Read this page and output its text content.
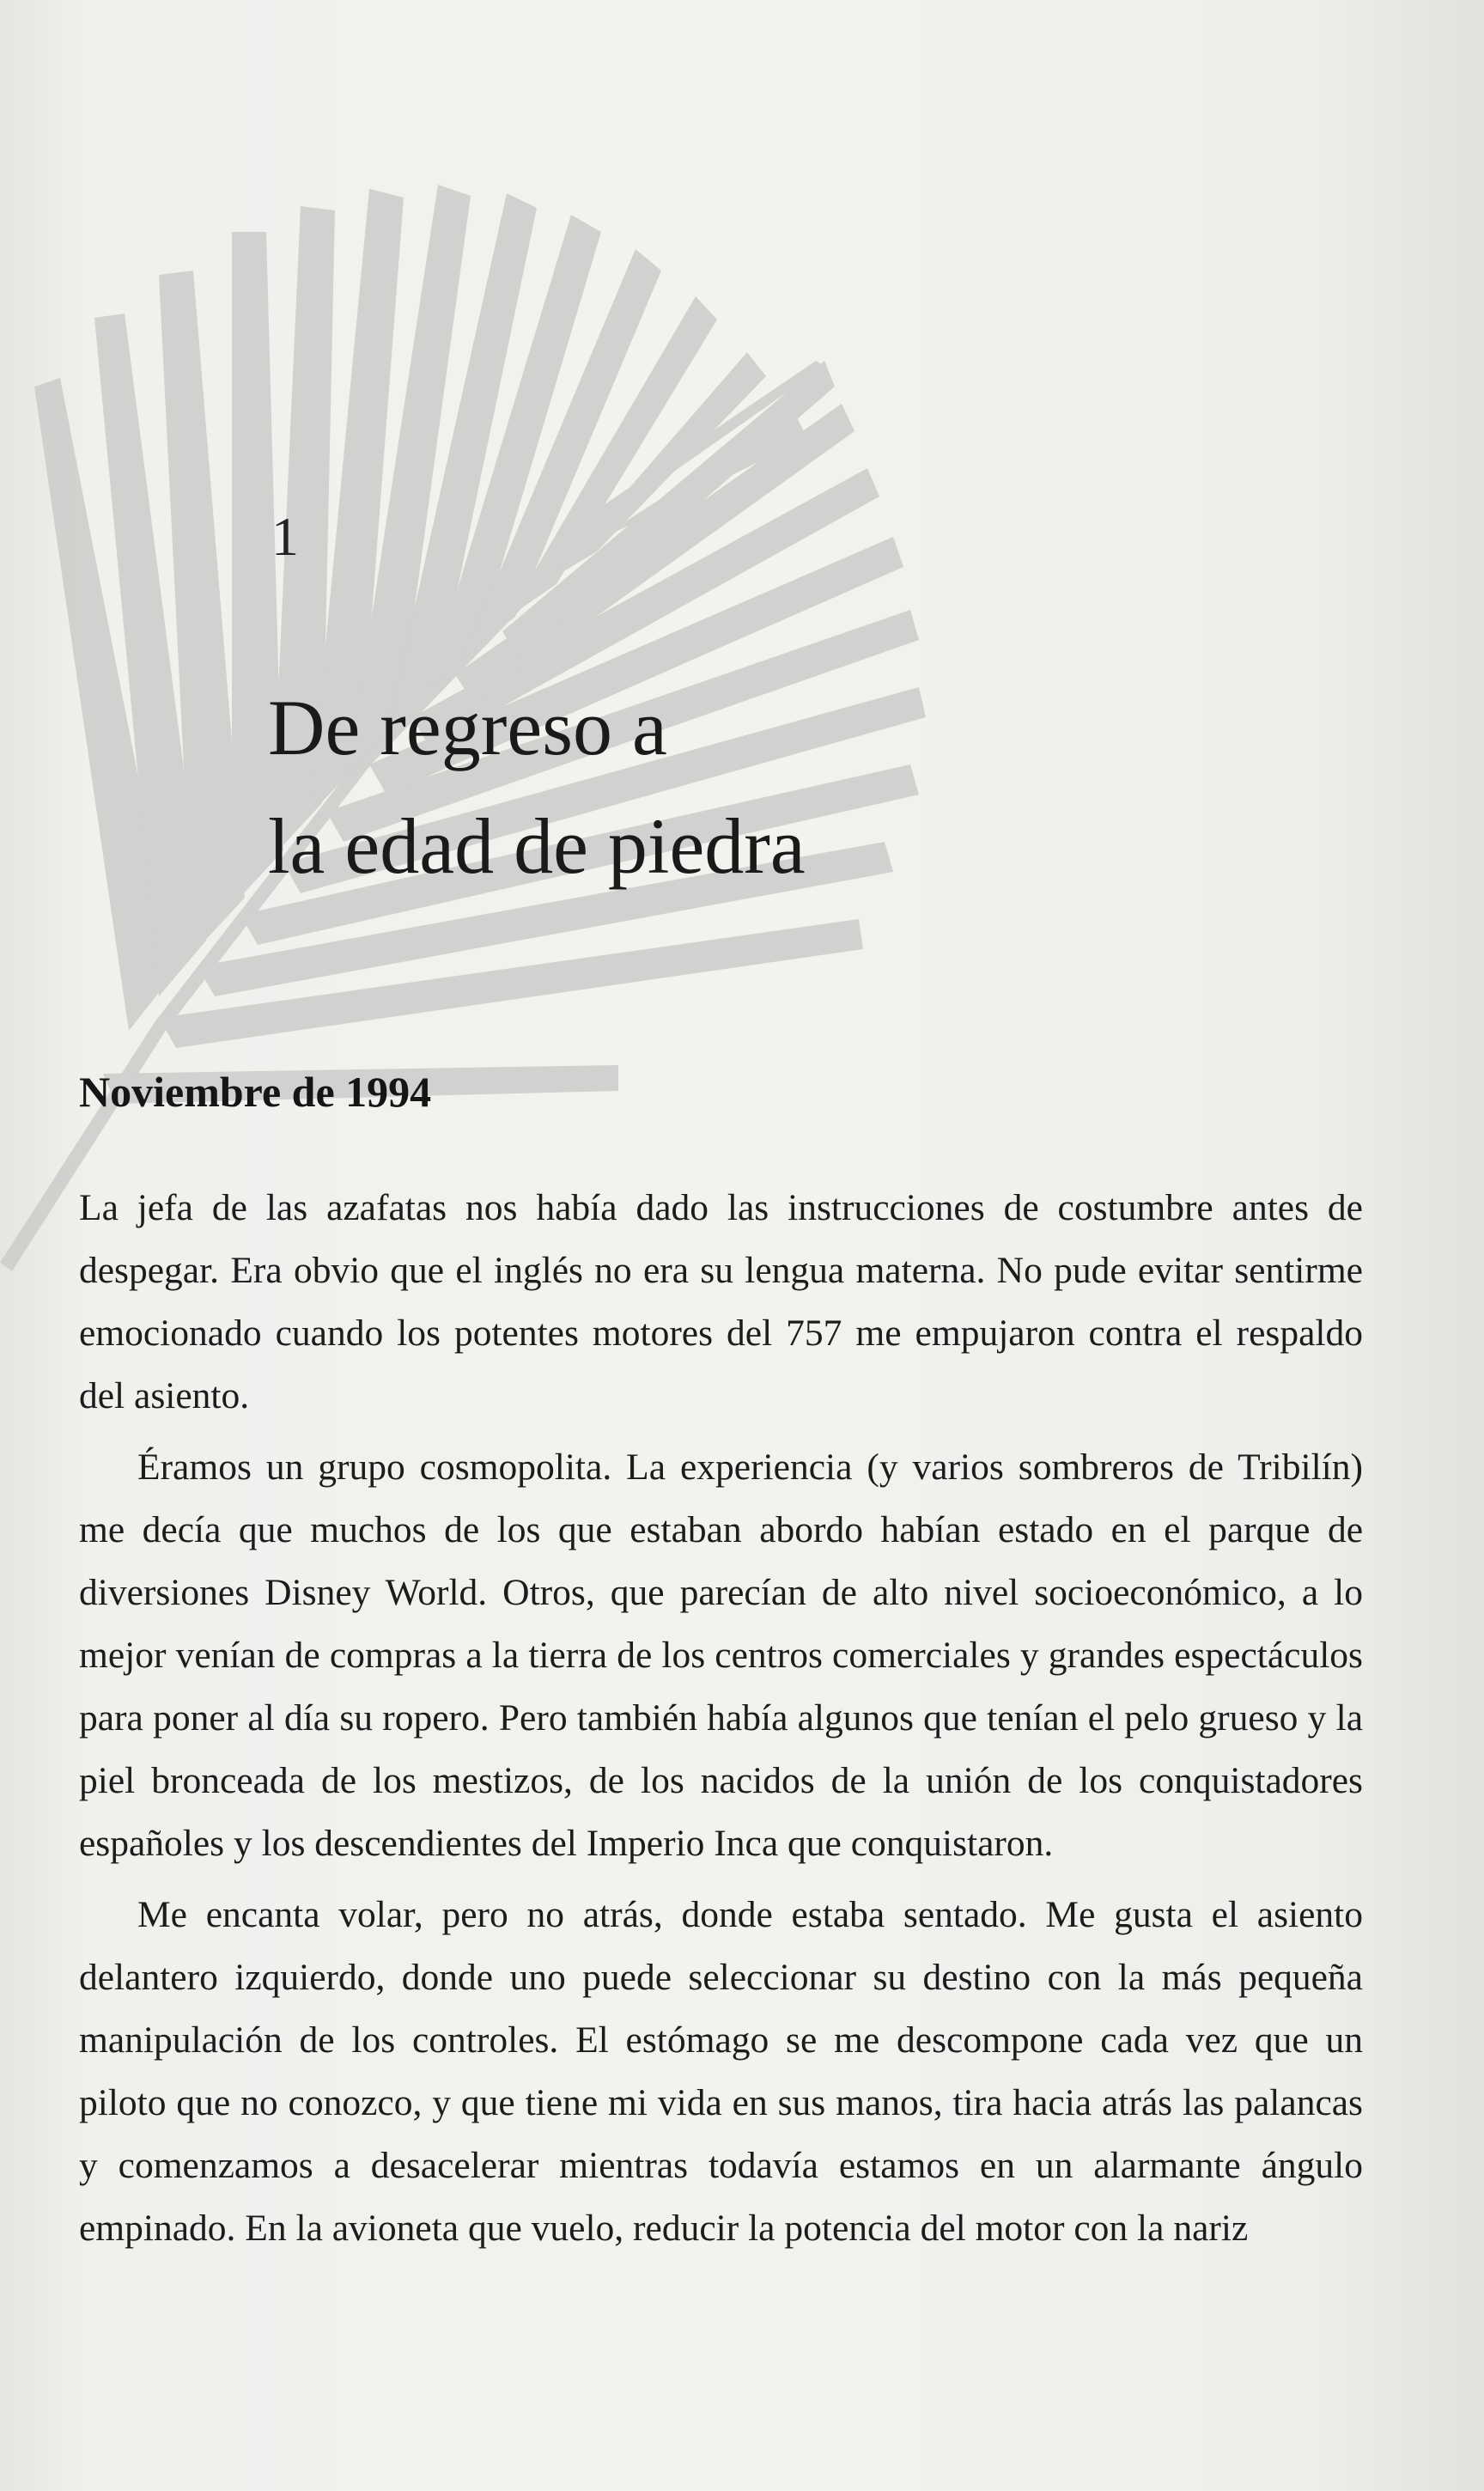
1
De regreso a
la edad de piedra
Noviembre de 1994

La jefa de las azafatas nos había dado las instrucciones de costumbre antes de despegar. Era obvio que el inglés no era su lengua materna. No pude evitar sentirme emocionado cuando los potentes motores del 757 me empujaron contra el respaldo del asiento.

Éramos un grupo cosmopolita. La experiencia (y varios sombreros de Tribilín) me decía que muchos de los que estaban abordo habían estado en el parque de diversiones Disney World. Otros, que parecían de alto nivel socioeconómico, a lo mejor venían de compras a la tierra de los centros comerciales y grandes espectáculos para poner al día su ropero. Pero también había algunos que tenían el pelo grueso y la piel bronceada de los mestizos, de los nacidos de la unión de los conquistadores españoles y los descendientes del Imperio Inca que conquistaron.

Me encanta volar, pero no atrás, donde estaba sentado. Me gusta el asiento delantero izquierdo, donde uno puede seleccionar su destino con la más pequeña manipulación de los controles. El estómago se me descompone cada vez que un piloto que no conozco, y que tiene mi vida en sus manos, tira hacia atrás las palancas y comenzamos a desacelerar mientras todavía estamos en un alarmante ángulo empinado. En la avioneta que vuelo, reducir la potencia del motor con la nariz
